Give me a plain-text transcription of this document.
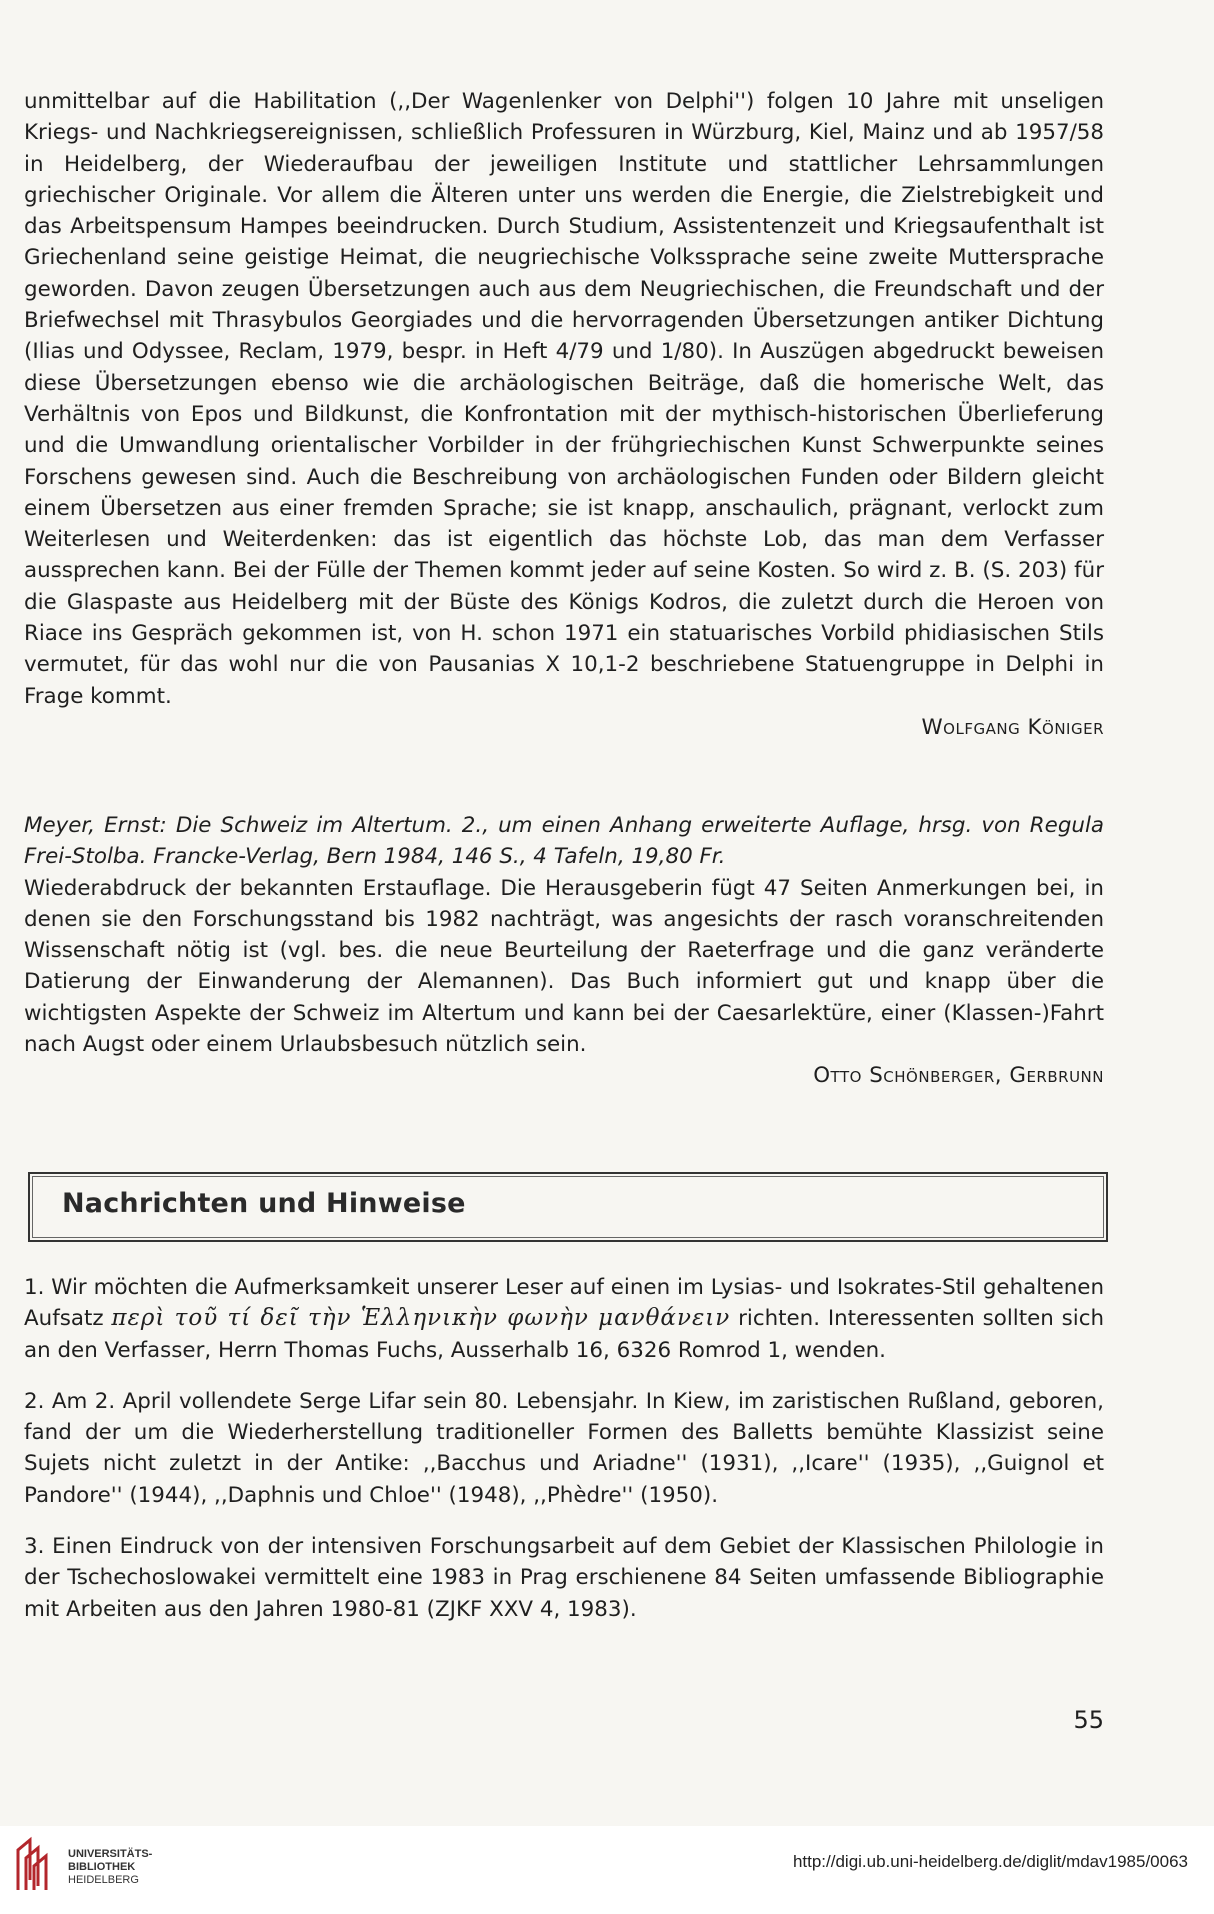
unmittelbar auf die Habilitation (,,Der Wagenlenker von Delphi'') folgen 10 Jahre mit unseligen Kriegs- und Nachkriegsereignissen, schließlich Professuren in Würzburg, Kiel, Mainz und ab 1957/58 in Heidelberg, der Wiederaufbau der jeweiligen Institute und stattlicher Lehrsammlungen griechischer Originale. Vor allem die Älteren unter uns werden die Energie, die Zielstrebigkeit und das Arbeitspensum Hampes beeindrucken. Durch Studium, Assistentenzeit und Kriegsaufenthalt ist Griechenland seine geistige Heimat, die neugriechische Volkssprache seine zweite Muttersprache geworden. Davon zeugen Übersetzungen auch aus dem Neugriechischen, die Freundschaft und der Briefwechsel mit Thrasybulos Georgiades und die hervorragenden Übersetzungen antiker Dichtung (Ilias und Odyssee, Reclam, 1979, bespr. in Heft 4/79 und 1/80). In Auszügen abgedruckt beweisen diese Übersetzungen ebenso wie die archäologischen Beiträge, daß die homerische Welt, das Verhältnis von Epos und Bildkunst, die Konfrontation mit der mythisch-historischen Überlieferung und die Umwandlung orientalischer Vorbilder in der frühgriechischen Kunst Schwerpunkte seines Forschens gewesen sind. Auch die Beschreibung von archäologischen Funden oder Bildern gleicht einem Übersetzen aus einer fremden Sprache; sie ist knapp, anschaulich, prägnant, verlockt zum Weiterlesen und Weiterdenken: das ist eigentlich das höchste Lob, das man dem Verfasser aussprechen kann. Bei der Fülle der Themen kommt jeder auf seine Kosten. So wird z. B. (S. 203) für die Glaspaste aus Heidelberg mit der Büste des Königs Kodros, die zuletzt durch die Heroen von Riace ins Gespräch gekommen ist, von H. schon 1971 ein statuarisches Vorbild phidiasischen Stils vermutet, für das wohl nur die von Pausanias X 10,1-2 beschriebene Statuengruppe in Delphi in Frage kommt.

Wolfgang Königer

Meyer, Ernst: Die Schweiz im Altertum. 2., um einen Anhang erweiterte Auflage, hrsg. von Regula Frei-Stolba. Francke-Verlag, Bern 1984, 146 S., 4 Tafeln, 19,80 Fr.

Wiederabdruck der bekannten Erstauflage. Die Herausgeberin fügt 47 Seiten Anmerkungen bei, in denen sie den Forschungsstand bis 1982 nachträgt, was angesichts der rasch voranschreitenden Wissenschaft nötig ist (vgl. bes. die neue Beurteilung der Raeterfrage und die ganz veränderte Datierung der Einwanderung der Alemannen). Das Buch informiert gut und knapp über die wichtigsten Aspekte der Schweiz im Altertum und kann bei der Caesarlektüre, einer (Klassen-)Fahrt nach Augst oder einem Urlaubsbesuch nützlich sein.

Otto Schönberger, Gerbrunn

Nachrichten und Hinweise

1. Wir möchten die Aufmerksamkeit unserer Leser auf einen im Lysias- und Isokrates-Stil gehaltenen Aufsatz περὶ τοῦ τί δεῖ τὴν Ἑλληνικὴν φωνὴν μανθάνειν richten. Interessenten sollten sich an den Verfasser, Herrn Thomas Fuchs, Ausserhalb 16, 6326 Romrod 1, wenden.

2. Am 2. April vollendete Serge Lifar sein 80. Lebensjahr. In Kiew, im zaristischen Rußland, geboren, fand der um die Wiederherstellung traditioneller Formen des Balletts bemühte Klassizist seine Sujets nicht zuletzt in der Antike: ,,Bacchus und Ariadne'' (1931), ,,Icare'' (1935), ,,Guignol et Pandore'' (1944), ,,Daphnis und Chloe'' (1948), ,,Phèdre'' (1950).

3. Einen Eindruck von der intensiven Forschungsarbeit auf dem Gebiet der Klassischen Philologie in der Tschechoslowakei vermittelt eine 1983 in Prag erschienene 84 Seiten umfassende Bibliographie mit Arbeiten aus den Jahren 1980-81 (ZJKF XXV 4, 1983).

55
UNIVERSITÄTS-
BIBLIOTHEK
HEIDELBERG
http://digi.ub.uni-heidelberg.de/diglit/mdav1985/0063
